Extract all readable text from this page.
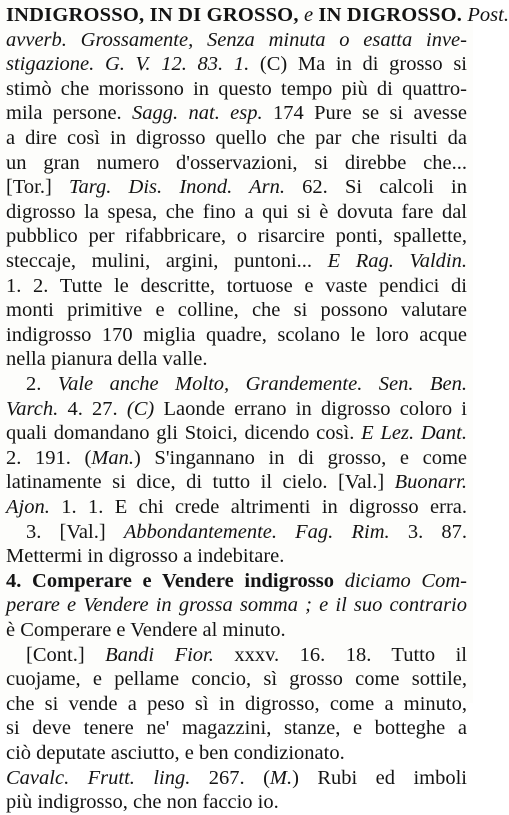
INDIGROSSO, IN DI GROSSO, e IN DIGROSSO. Post.
avverb. Grossamente, Senza minuta o esatta inve-
stigazione. G. V. 12. 83. 1. (C) Ma in di grosso si
stimò che morissono in questo tempo più di quattro-
mila persone. Sagg. nat. esp. 174 Pure se si avesse
a dire così in digrosso quello che par che risulti da
un gran numero d'osservazioni, si direbbe che...
[Tor.] Targ. Dis. Inond. Arn. 62. Si calcoli in
digrosso la spesa, che fino a qui si è dovuta fare dal
pubblico per rifabbricare, o risarcire ponti, spallette,
steccaje, mulini, argini, puntoni... E Rag. Valdin.
1. 2. Tutte le descritte, tortuose e vaste pendici di
monti primitive e colline, che si possono valutare
indigrosso 170 miglia quadre, scolano le loro acque
nella pianura della valle.
2. Vale anche Molto, Grandemente. Sen. Ben.
Varch. 4. 27. (C) Laonde errano in digrosso coloro i
quali domandano gli Stoici, dicendo così. E Lez. Dant.
2. 191. (Man.) S'ingannano in di grosso, e come
latinamente si dice, di tutto il cielo. [Val.] Buonarr.
Ajon. 1. 1. E chi crede altrimenti in digrosso erra.
3. [Val.] Abbondantemente. Fag. Rim. 3. 87.
Mettermi in digrosso a indebitare.
4. Comperare e Vendere indigrosso diciamo Com-
perare e Vendere in grossa somma ; e il suo contrario
è Comperare e Vendere al minuto.
[Cont.] Bandi Fior. xxxv. 16. 18. Tutto il
cuojame, e pellame concio, sì grosso come sottile,
che si vende a peso sì in digrosso, come a minuto,
si deve tenere ne' magazzini, stanze, e botteghe a
ciò deputate asciutto, e ben condizionato.
Cavalc. Frutt. ling. 267. (M.) Rubi ed imboli
più indigrosso, che non faccio io.
